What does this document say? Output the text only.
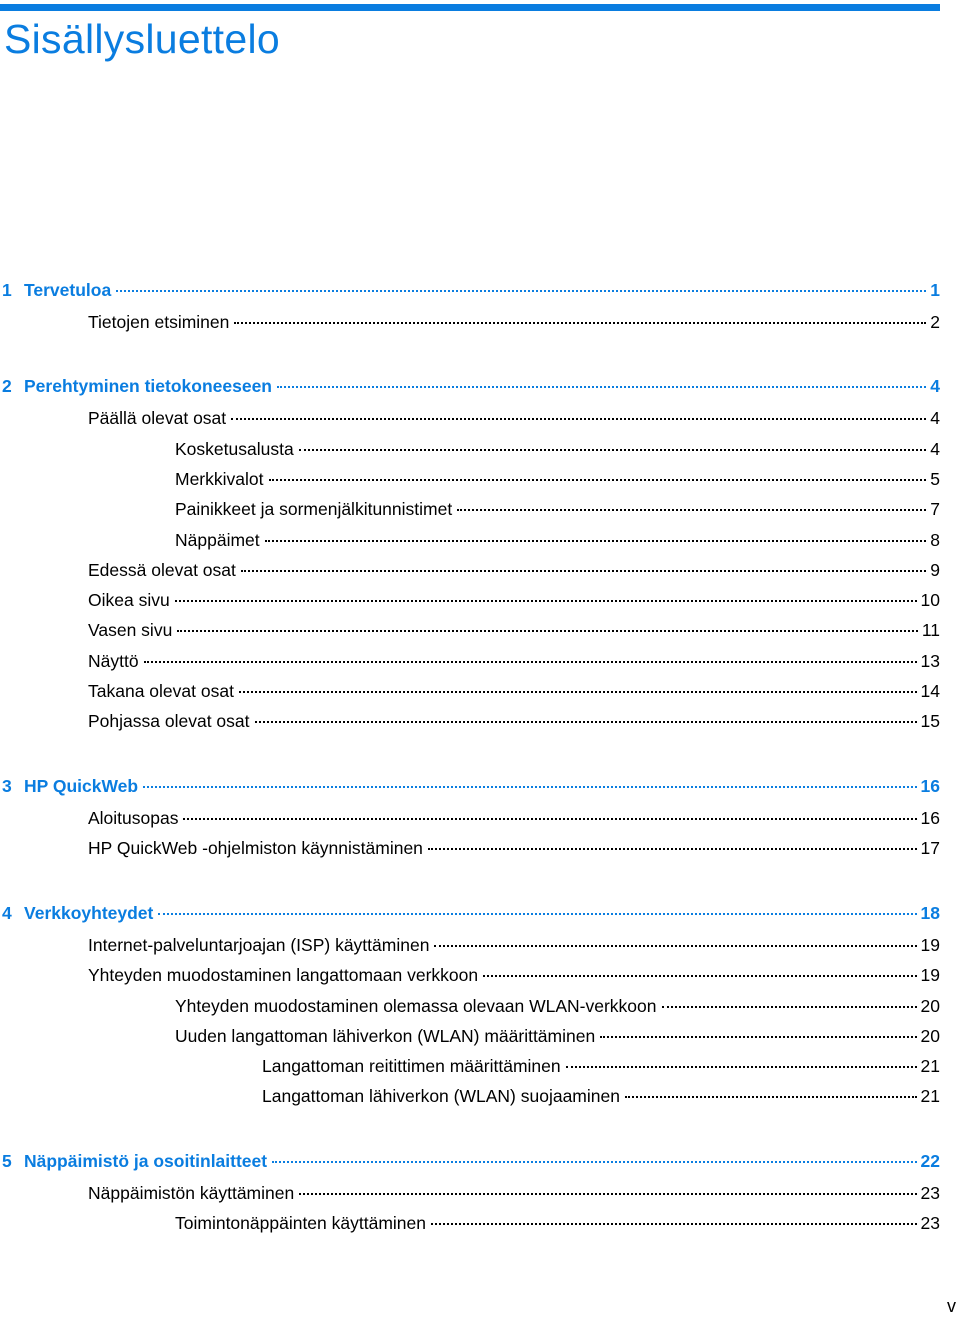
Sisällysluettelo
1 Tervetuloa	1
Tietojen etsiminen	2
2 Perehtyminen tietokoneeseen	4
Päällä olevat osat	4
Kosketusalusta	4
Merkkivalot	5
Painikkeet ja sormenjälkitunnistimet	7
Näppäimet	8
Edessä olevat osat	9
Oikea sivu	10
Vasen sivu	11
Näyttö	13
Takana olevat osat	14
Pohjassa olevat osat	15
3 HP QuickWeb	16
Aloitusopas	16
HP QuickWeb -ohjelmiston käynnistäminen	17
4 Verkkoyhteydet	18
Internet-palveluntarjoajan (ISP) käyttäminen	19
Yhteyden muodostaminen langattomaan verkkoon	19
Yhteyden muodostaminen olemassa olevaan WLAN-verkkoon	20
Uuden langattoman lähiverkon (WLAN) määrittäminen	20
Langattoman reitittimen määrittäminen	21
Langattoman lähiverkon (WLAN) suojaaminen	21
5 Näppäimistö ja osoitinlaitteet	22
Näppäimistön käyttäminen	23
Toimintonäppäinten käyttäminen	23
v
